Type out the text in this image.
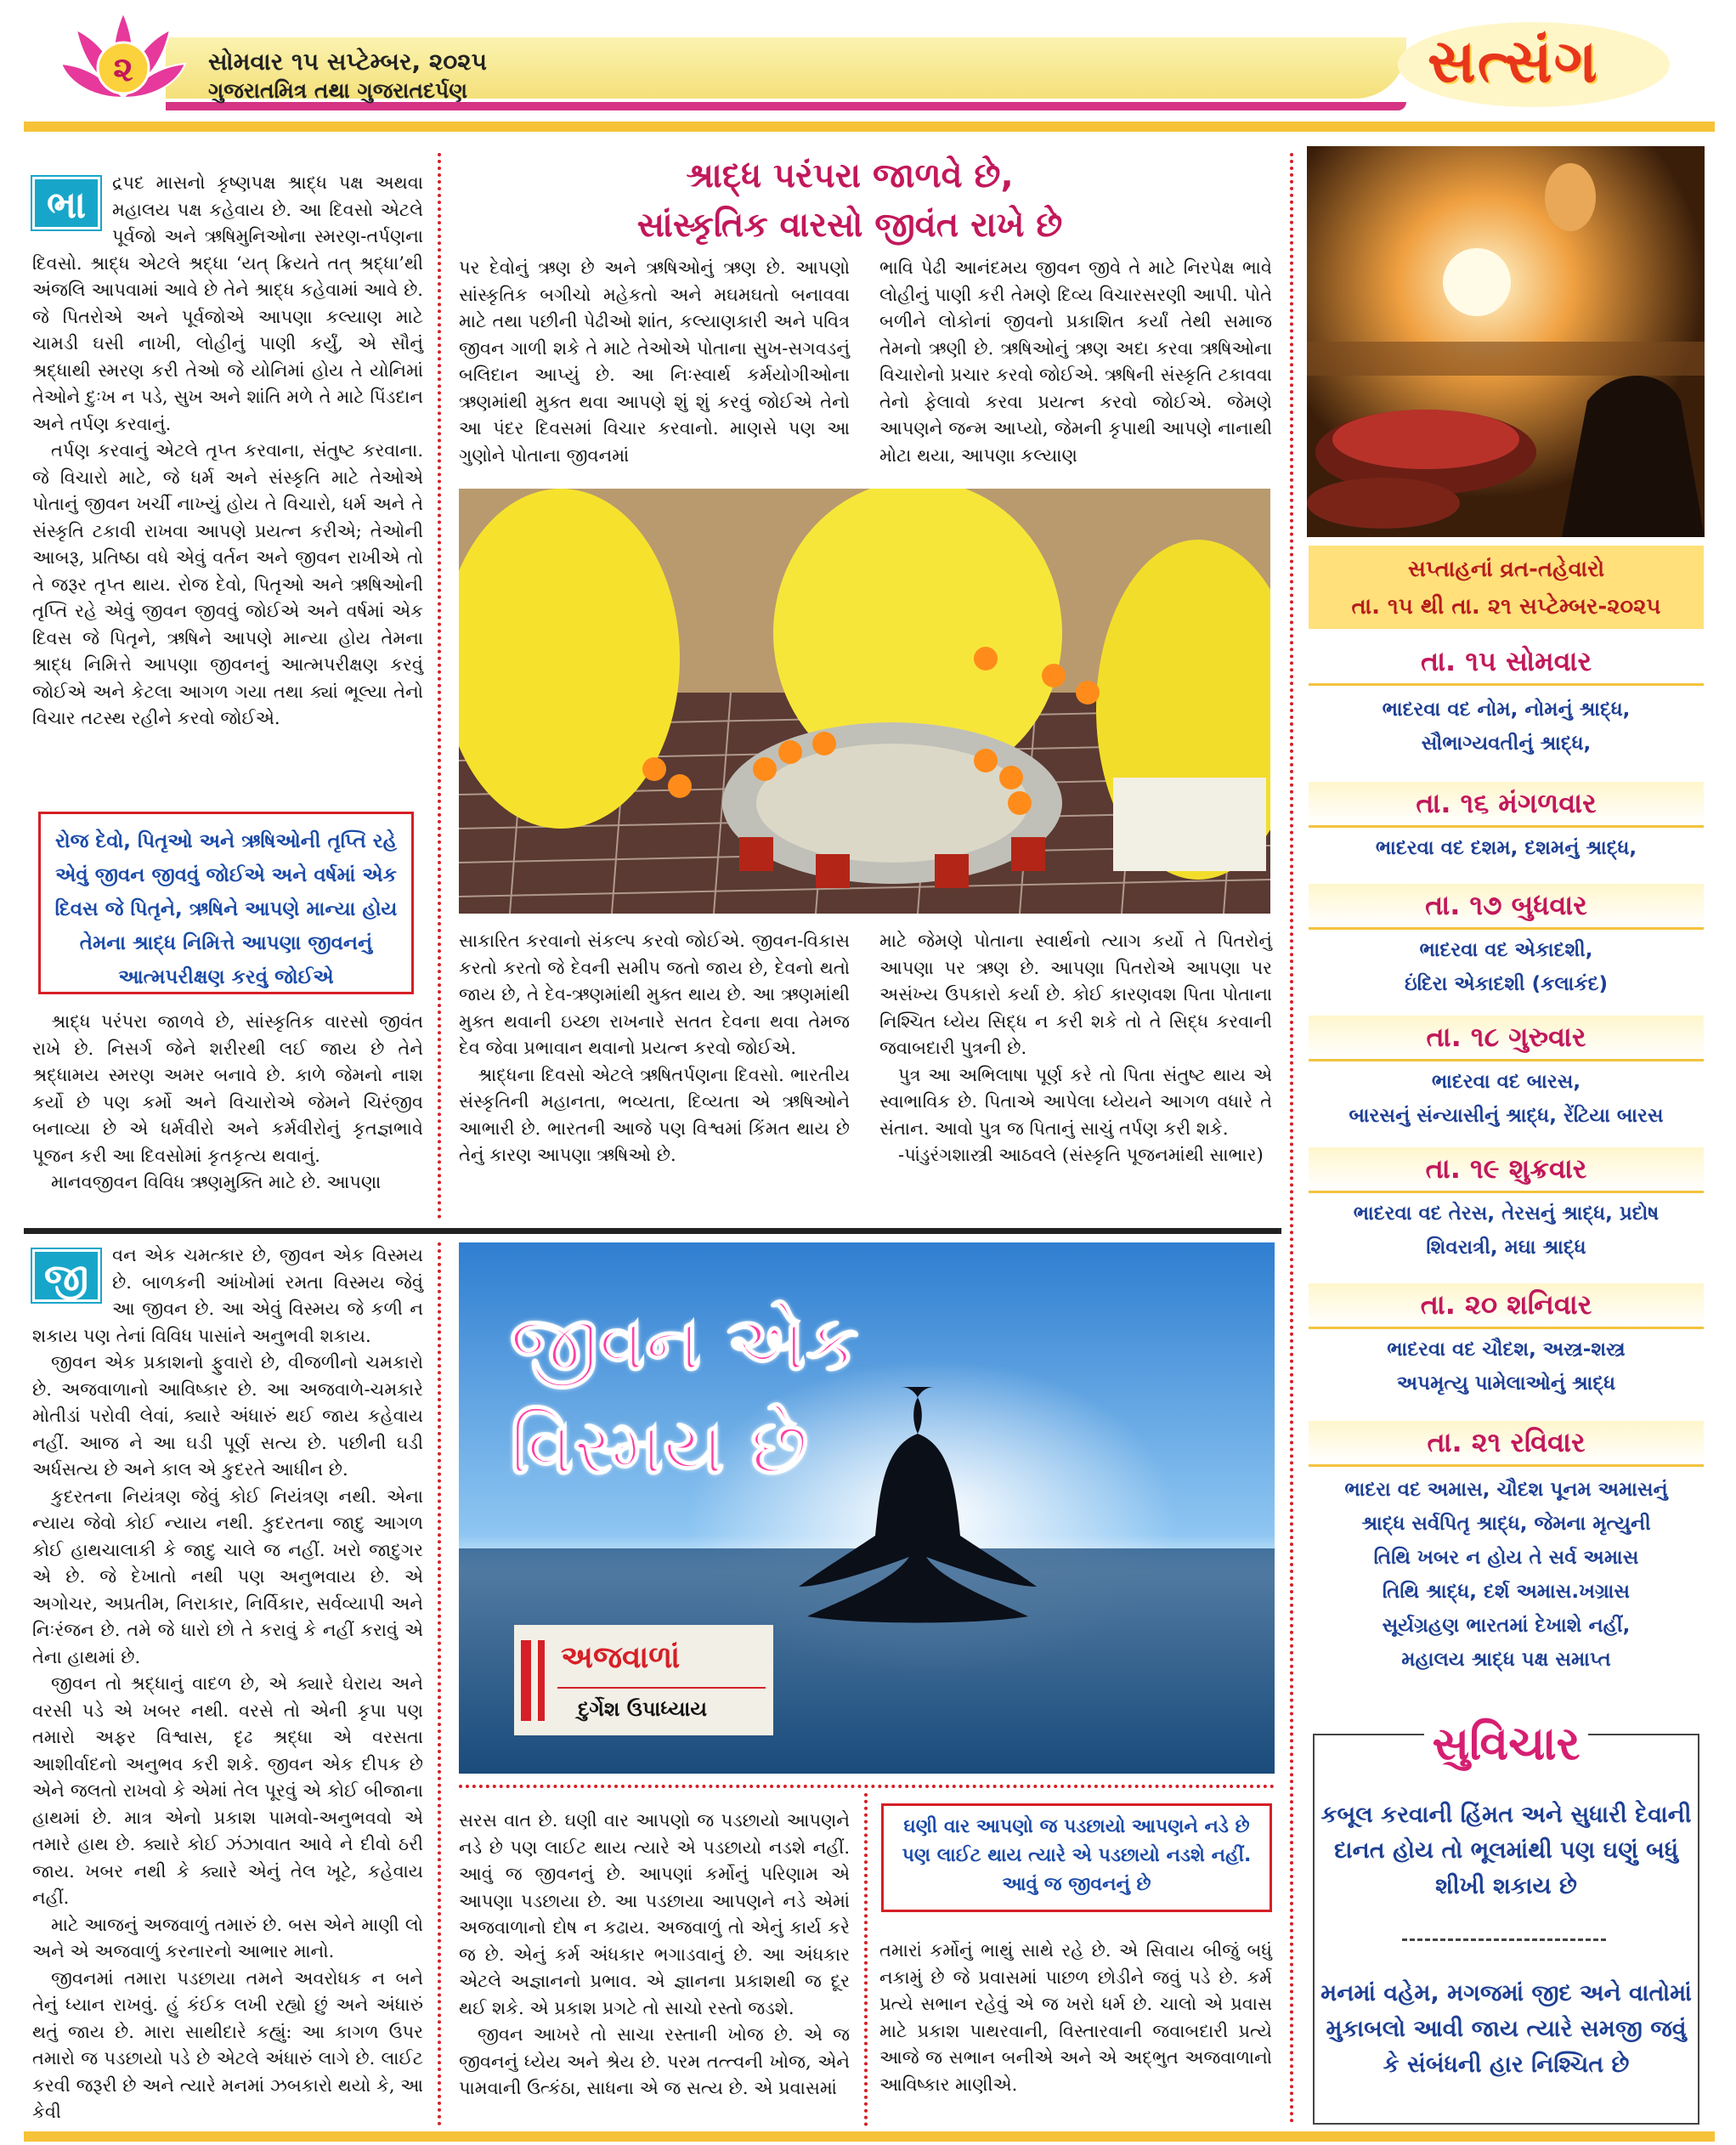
૨	સોમવાર ૧૫ સપ્ટેમ્બર, ૨૦૨૫
ગુજરાતમિત્ર તથા ગુજરાતદર્પણ	સત્સંગ
શ્રાદ્ધ પરંપરા જાળવે છે,
સાંસ્કૃતિક વારસો જીવંત રાખે છે
ભા

દ્રપદ માસનો કૃષ્ણપક્ષ શ્રાદ્ધ પક્ષ અથવા મહાલય પક્ષ કહેવાય છે. આ દિવસો એટલે પૂર્વજો અને ઋષિમુનિઓના સ્મરણ-તર્પણના દિવસો. શ્રાદ્ધ એટલે શ્રદ્ધા ‘યત્ ક્રિયતે તત્ શ્રદ્ધા’થી અંજલિ આપવામાં આવે છે તેને શ્રાદ્ધ કહેવામાં આવે છે. જે પિતરોએ અને પૂર્વજોએ આપણા કલ્યાણ માટે ચામડી ઘસી નાખી, લોહીનું પાણી કર્યું, એ સૌનું શ્રદ્ધાથી સ્મરણ કરી તેઓ જે યોનિમાં હોય તે યોનિમાં તેઓને દુઃખ ન પડે, સુખ અને શાંતિ મળે તે માટે પિંડદાન અને તર્પણ કરવાનું.

તર્પણ કરવાનું એટલે તૃપ્ત કરવાના, સંતુષ્ટ કરવાના. જે વિચારો માટે, જે ધર્મ અને સંસ્કૃતિ માટે તેઓએ પોતાનું જીવન ખર્ચી નાખ્યું હોય તે વિચારો, ધર્મ અને તે સંસ્કૃતિ ટકાવી રાખવા આપણે પ્રયત્ન કરીએ; તેઓની આબરૂ, પ્રતિષ્ઠા વધે એવું વર્તન અને જીવન રાખીએ તો તે જરૂર તૃપ્ત થાય. રોજ દેવો, પિતૃઓ અને ઋષિઓની તૃપ્તિ રહે એવું જીવન જીવવું જોઈએ અને વર્ષમાં એક દિવસ જે પિતૃને, ઋષિને આપણે માન્યા હોય તેમના શ્રાદ્ધ નિમિત્તે આપણા જીવનનું આત્મપરીક્ષણ કરવું જોઈએ અને કેટલા આગળ ગયા તથા ક્યાં ભૂલ્યા તેનો વિચાર તટસ્થ રહીને કરવો જોઈએ.

રોજ દેવો, પિતૃઓ અને ઋષિઓની તૃપ્તિ રહે એવું જીવન જીવવું જોઈએ અને વર્ષમાં એક દિવસ જે પિતૃને, ઋષિને આપણે માન્યા હોય તેમના શ્રાદ્ધ નિમિત્તે આપણા જીવનનું આત્મપરીક્ષણ કરવું જોઈએ

શ્રાદ્ધ પરંપરા જાળવે છે, સાંસ્કૃતિક વારસો જીવંત રાખે છે. નિસર્ગ જેને શરીરથી લઈ જાય છે તેને શ્રદ્ધામય સ્મરણ અમર બનાવે છે. કાળે જેમનો નાશ કર્યો છે પણ કર્મો અને વિચારોએ જેમને ચિરંજીવ બનાવ્યા છે એ ધર્મવીરો અને કર્મવીરોનું કૃતજ્ઞભાવે પૂજન કરી આ દિવસોમાં કૃતકૃત્ય થવાનું.

માનવજીવન વિવિધ ઋણમુક્તિ માટે છે. આપણા

પર દેવોનું ઋણ છે અને ઋષિઓનું ઋણ છે. આપણો સાંસ્કૃતિક બગીચો મહેકતો અને મઘમઘતો બનાવવા માટે તથા પછીની પેઢીઓ શાંત, કલ્યાણકારી અને પવિત્ર જીવન ગાળી શકે તે માટે તેઓએ પોતાના સુખ-સગવડનું બલિદાન આપ્યું છે. આ નિઃસ્વાર્થ કર્મયોગીઓના ઋણમાંથી મુક્ત થવા આપણે શું શું કરવું જોઈએ તેનો આ પંદર દિવસમાં વિચાર કરવાનો. માણસે પણ આ ગુણોને પોતાના જીવનમાં

ભાવિ પેઢી આનંદમય જીવન જીવે તે માટે નિરપેક્ષ ભાવે લોહીનું પાણી કરી તેમણે દિવ્ય વિચારસરણી આપી. પોતે બળીને લોકોનાં જીવનો પ્રકાશિત કર્યાં તેથી સમાજ તેમનો ઋણી છે. ઋષિઓનું ઋણ અદા કરવા ઋષિઓના વિચારોનો પ્રચાર કરવો જોઈએ. ઋષિની સંસ્કૃતિ ટકાવવા તેનો ફેલાવો કરવા પ્રયત્ન કરવો જોઈએ. જેમણે આપણને જન્મ આપ્યો, જેમની કૃપાથી આપણે નાનાથી મોટા થયા, આપણા કલ્યાણ

સાકારિત કરવાનો સંકલ્પ કરવો જોઈએ. જીવન-વિકાસ કરતો કરતો જે દેવની સમીપ જતો જાય છે, દેવનો થતો જાય છે, તે દેવ-ઋણમાંથી મુક્ત થાય છે. આ ઋણમાંથી મુક્ત થવાની ઇચ્છા રાખનારે સતત દેવના થવા તેમજ દેવ જેવા પ્રભાવાન થવાનો પ્રયત્ન કરવો જોઈએ.

શ્રાદ્ધના દિવસો એટલે ઋષિતર્પણના દિવસો. ભારતીય સંસ્કૃતિની મહાનતા, ભવ્યતા, દિવ્યતા એ ઋષિઓને આભારી છે. ભારતની આજે પણ વિશ્વમાં કિંમત થાય છે તેનું કારણ આપણા ઋષિઓ છે.

માટે જેમણે પોતાના સ્વાર્થનો ત્યાગ કર્યો તે પિતરોનું આપણા પર ઋણ છે. આપણા પિતરોએ આપણા પર અસંખ્ય ઉપકારો કર્યા છે. કોઈ કારણવશ પિતા પોતાના નિશ્ચિત ધ્યેય સિદ્ધ ન કરી શકે તો તે સિદ્ધ કરવાની જવાબદારી પુત્રની છે.

પુત્ર આ અભિલાષા પૂર્ણ કરે તો પિતા સંતુષ્ટ થાય એ સ્વાભાવિક છે. પિતાએ આપેલા ધ્યેયને આગળ વધારે તે સંતાન. આવો પુત્ર જ પિતાનું સાચું તર્પણ કરી શકે.

-પાંડુરંગશાસ્ત્રી આઠવલે (સંસ્કૃતિ પૂજનમાંથી સાભાર)

જી

વન એક ચમત્કાર છે, જીવન એક વિસ્મય છે. બાળકની આંખોમાં રમતા વિસ્મય જેવું આ જીવન છે. આ એવું વિસ્મય જે કળી ન શકાય પણ તેનાં વિવિધ પાસાંને અનુભવી શકાય.

જીવન એક પ્રકાશનો ફુવારો છે, વીજળીનો ચમકારો છે. અજવાળાનો આવિષ્કાર છે. આ અજવાળે-ચમકારે મોતીડાં પરોવી લેવાં, ક્યારે અંધારું થઈ જાય કહેવાય નહીં. આજ ને આ ઘડી પૂર્ણ સત્ય છે. પછીની ઘડી અર્ધસત્ય છે અને કાલ એ કુદરતે આધીન છે.

કુદરતના નિયંત્રણ જેવું કોઈ નિયંત્રણ નથી. એના ન્યાય જેવો કોઈ ન્યાય નથી. કુદરતના જાદુ આગળ કોઈ હાથચાલાકી કે જાદુ ચાલે જ નહીં. ખરો જાદુગર એ છે. જે દેખાતો નથી પણ અનુભવાય છે. એ અગોચર, અપ્રતીમ, નિરાકાર, નિર્વિકાર, સર્વવ્યાપી અને નિઃરંજન છે. તમે જે ધારો છો તે કરાવું કે નહીં કરાવું એ તેના હાથમાં છે.

જીવન તો શ્રદ્ધાનું વાદળ છે, એ ક્યારે ઘેરાય અને વરસી પડે એ ખબર નથી. વરસે તો એની કૃપા પણ તમારો અફર વિશ્વાસ, દૃઢ શ્રદ્ધા એ વરસતા આશીર્વાદનો અનુભવ કરી શકે. જીવન એક દીપક છે એને જલતો રાખવો કે એમાં તેલ પૂરવું એ કોઈ બીજાના હાથમાં છે. માત્ર એનો પ્રકાશ પામવો-અનુભવવો એ તમારે હાથ છે. ક્યારે કોઈ ઝંઝાવાત આવે ને દીવો ઠરી જાય. ખબર નથી કે ક્યારે એનું તેલ ખૂટે, કહેવાય નહીં.

માટે આજનું અજવાળું તમારું છે. બસ એને માણી લો અને એ અજવાળું કરનારનો આભાર માનો.

જીવનમાં તમારા પડછાયા તમને અવરોધક ન બને તેનું ધ્યાન રાખવું. હું કંઈક લખી રહ્યો છું અને અંધારું થતું જાય છે. મારા સાથીદારે કહ્યું: આ કાગળ ઉપર તમારો જ પડછાયો પડે છે એટલે અંધારું લાગે છે. લાઈટ કરવી જરૂરી છે અને ત્યારે મનમાં ઝબકારો થયો કે, આ કેવી

જીવન એક
વિસ્મય છે
અજવાળાં
દુર્ગેશ ઉપાધ્યાય

સરસ વાત છે. ઘણી વાર આપણો જ પડછાયો આપણને નડે છે પણ લાઈટ થાય ત્યારે એ પડછાયો નડશે નહીં. આવું જ જીવનનું છે. આપણાં કર્મોનું પરિણામ એ આપણા પડછાયા છે. આ પડછાયા આપણને નડે એમાં અજવાળાનો દોષ ન કઢાય. અજવાળું તો એનું કાર્ય કરે જ છે. એનું કર્મ અંધકાર ભગાડવાનું છે. આ અંધકાર એટલે અજ્ઞાનનો પ્રભાવ. એ જ્ઞાનના પ્રકાશથી જ દૂર થઈ શકે. એ પ્રકાશ પ્રગટે તો સાચો રસ્તો જડશે.

જીવન આખરે તો સાચા રસ્તાની ખોજ છે. એ જ જીવનનું ધ્યેય અને શ્રેય છે. પરમ તત્ત્વની ખોજ, એને પામવાની ઉત્કંઠા, સાધના એ જ સત્ય છે. એ પ્રવાસમાં

ઘણી વાર આપણો જ પડછાયો આપણને નડે છે પણ લાઈટ થાય ત્યારે એ પડછાયો નડશે નહીં. આવું જ જીવનનું છે

તમારાં કર્મોનું ભાથું સાથે રહે છે. એ સિવાય બીજું બધું નકામું છે જે પ્રવાસમાં પાછળ છોડીને જવું પડે છે. કર્મ પ્રત્યે સભાન રહેવું એ જ ખરો ધર્મ છે. ચાલો એ પ્રવાસ માટે પ્રકાશ પાથરવાની, વિસ્તારવાની જવાબદારી પ્રત્યે આજે જ સભાન બનીએ અને એ અદ્ભુત અજવાળાનો આવિષ્કાર માણીએ.

સપ્તાહનાં વ્રત-તહેવારો
તા. ૧૫ થી તા. ૨૧ સપ્ટેમ્બર-૨૦૨૫
તા. ૧૫ સોમવાર
ભાદરવા વદ નોમ, નોમનું શ્રાદ્ધ,
સૌભાગ્યવતીનું શ્રાદ્ધ,
તા. ૧૬ મંગળવાર
ભાદરવા વદ દશમ, દશમનું શ્રાદ્ધ,
તા. ૧૭ બુધવાર
ભાદરવા વદ એકાદશી,
ઇંદિરા એકાદશી (કલાકંદ)
તા. ૧૮ ગુરુવાર
ભાદરવા વદ બારસ,
બારસનું સંન્યાસીનું શ્રાદ્ધ, રેંટિયા બારસ
તા. ૧૯ શુક્રવાર
ભાદરવા વદ તેરસ, તેરસનું શ્રાદ્ધ, પ્રદોષ
શિવરાત્રી, મઘા શ્રાદ્ધ
તા. ૨૦ શનિવાર
ભાદરવા વદ ચૌદશ, અસ્ત્ર-શસ્ત્ર
અપમૃત્યુ પામેલાઓનું શ્રાદ્ધ
તા. ૨૧ રવિવાર
ભાદરા વદ અમાસ, ચૌદશ પૂનમ અમાસનું
શ્રાદ્ધ સર્વપિતૃ શ્રાદ્ધ, જેમના મૃત્યુની
તિથિ ખબર ન હોય તે સર્વ અમાસ
તિથિ શ્રાદ્ધ, દર્શ અમાસ.ખગ્રાસ
સૂર્યગ્રહણ ભારતમાં દેખાશે નહીં,
મહાલય શ્રાદ્ધ પક્ષ સમાપ્ત
સુવિચાર
કબૂલ કરવાની હિંમત અને સુધારી દેવાની દાનત હોય તો ભૂલમાંથી પણ ઘણું બધું શીખી શકાય છે
મનમાં વહેમ, મગજમાં જીદ અને વાતોમાં મુકાબલો આવી જાય ત્યારે સમજી જવું કે સંબંધની હાર નિશ્ચિત છે
